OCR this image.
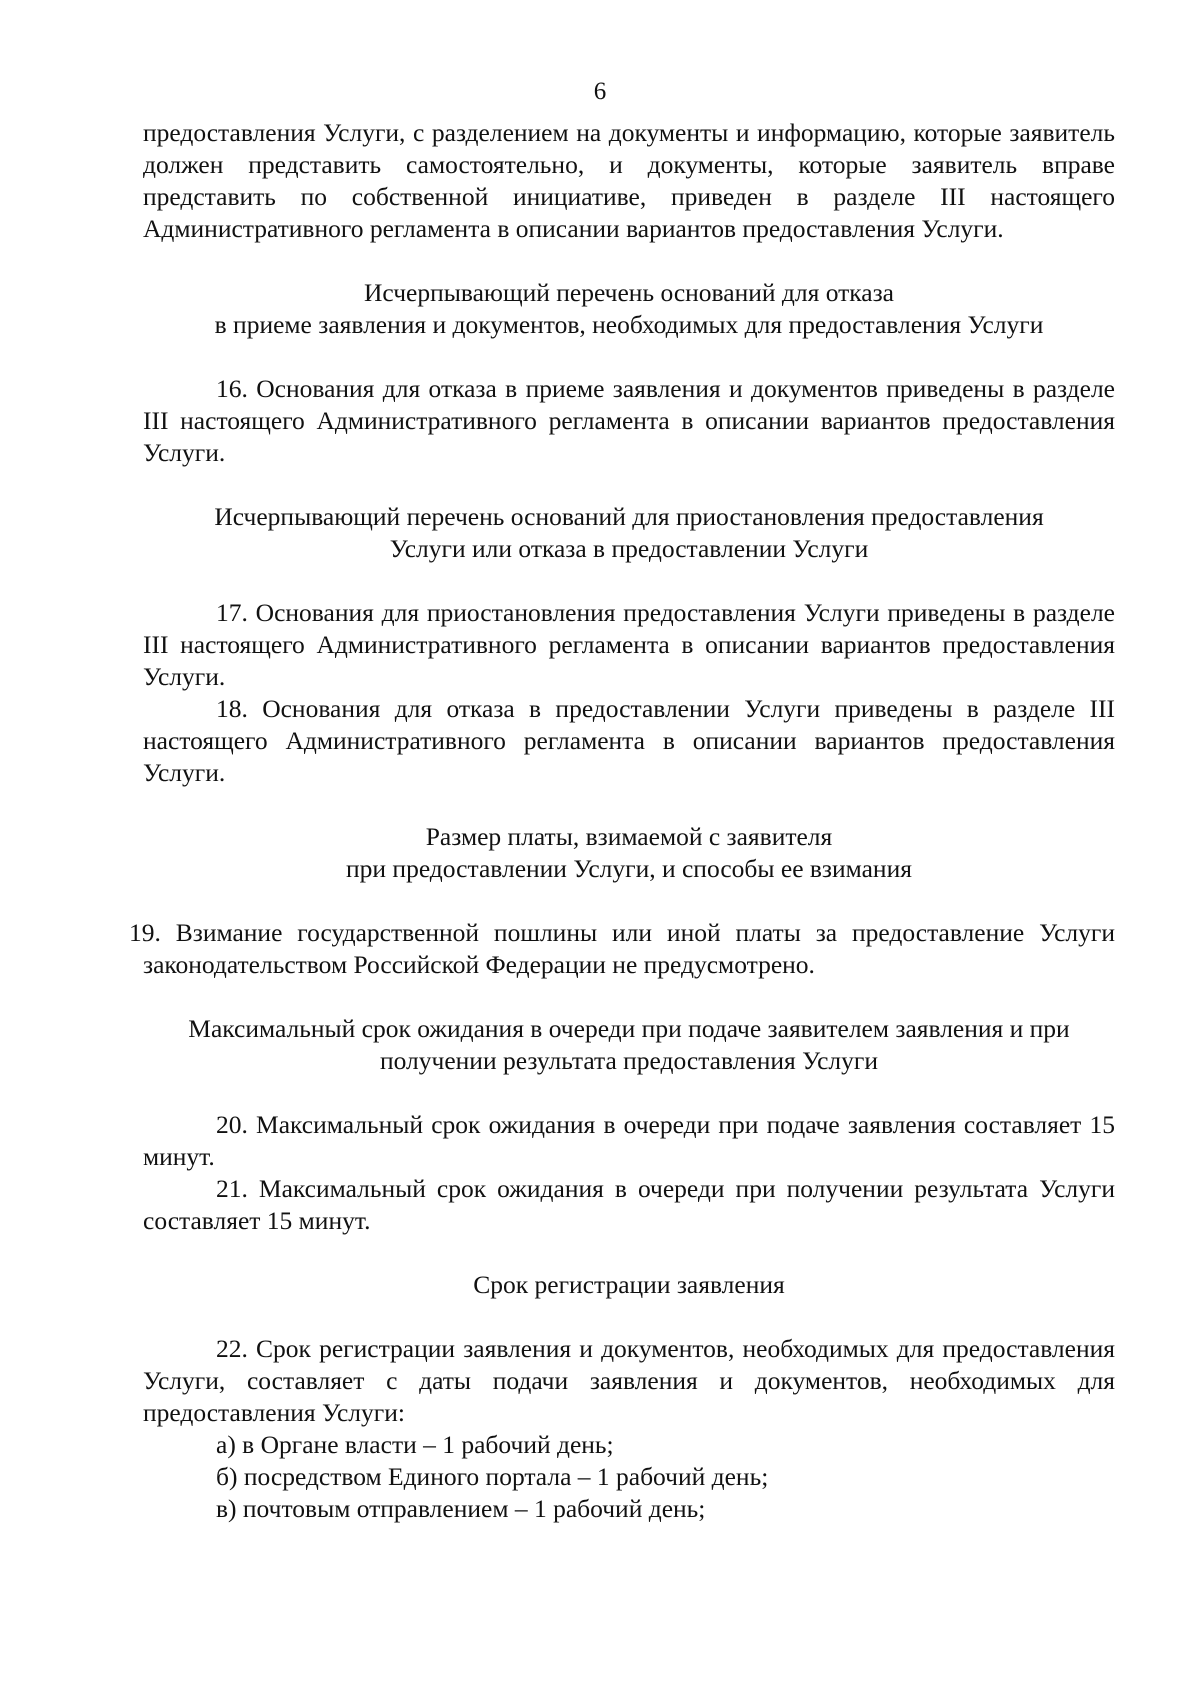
6

предоставления Услуги, с разделением на документы и информацию, которые заявитель должен представить самостоятельно, и документы, которые заявитель вправе представить по собственной инициативе, приведен в разделе III настоящего Административного регламента в описании вариантов предоставления Услуги.

Исчерпывающий перечень оснований для отказа
в приеме заявления и документов, необходимых для предоставления Услуги

16. Основания для отказа в приеме заявления и документов приведены в разделе III настоящего Административного регламента в описании вариантов предоставления Услуги.

Исчерпывающий перечень оснований для приостановления предоставления
Услуги или отказа в предоставлении Услуги

17. Основания для приостановления предоставления Услуги приведены в разделе III настоящего Административного регламента в описании вариантов предоставления Услуги.

18. Основания для отказа в предоставлении Услуги приведены в разделе III настоящего Административного регламента в описании вариантов предоставления Услуги.

Размер платы, взимаемой с заявителя
при предоставлении Услуги, и способы ее взимания

19. Взимание государственной пошлины или иной платы за предоставление Услуги законодательством Российской Федерации не предусмотрено.

Максимальный срок ожидания в очереди при подаче заявителем заявления и при
получении результата предоставления Услуги

20. Максимальный срок ожидания в очереди при подаче заявления составляет 15 минут.

21. Максимальный срок ожидания в очереди при получении результата Услуги составляет 15 минут.

Срок регистрации заявления

22. Срок регистрации заявления и документов, необходимых для предоставления Услуги, составляет с даты подачи заявления и документов, необходимых для предоставления Услуги:

а) в Органе власти – 1 рабочий день;

б) посредством Единого портала – 1 рабочий день;

в) почтовым отправлением – 1 рабочий день;
